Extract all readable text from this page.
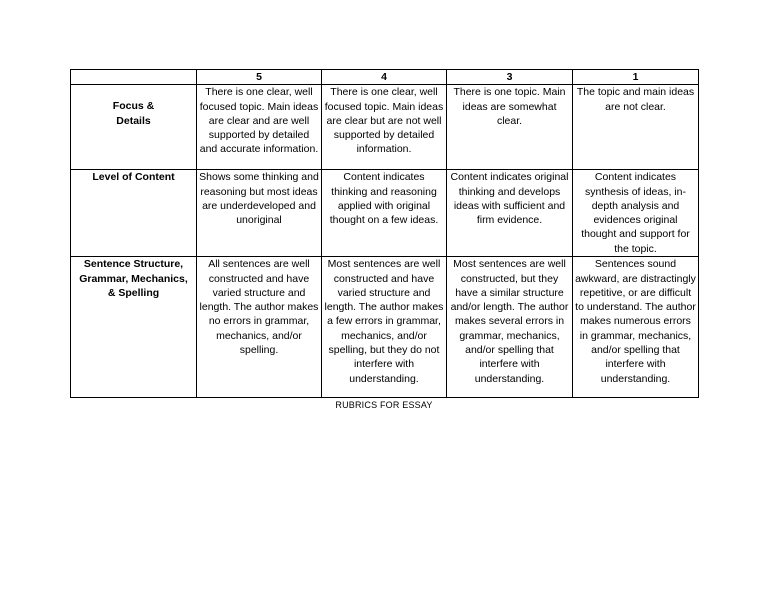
	5	4	3	1

Focus &
Details	There is one clear, well focused topic. Main ideas are clear and are well supported by detailed and accurate information.	There is one clear, well focused topic. Main ideas are clear but are not well supported by detailed information.	There is one topic. Main ideas are somewhat clear.	The topic and main ideas are not clear.

Level of Content	Shows some thinking and reasoning but most ideas are underdeveloped and unoriginal	Content indicates thinking and reasoning applied with original thought on a few ideas.	Content indicates original thinking and develops ideas with sufficient and firm evidence.	Content indicates synthesis of ideas, in-depth analysis and evidences original thought and support for the topic.

Sentence Structure,
Grammar, Mechanics,
& Spelling	All sentences are well constructed and have varied structure and length. The author makes no errors in grammar, mechanics, and/or spelling.	Most sentences are well constructed and have varied structure and length. The author makes a few errors in grammar, mechanics, and/or spelling, but they do not interfere with understanding.	Most sentences are well constructed, but they have a similar structure and/or length. The author makes several errors in grammar, mechanics, and/or spelling that interfere with understanding.	Sentences sound awkward, are distractingly repetitive, or are difficult to understand. The author makes numerous errors in grammar, mechanics, and/or spelling that interfere with understanding.
RUBRICS FOR ESSAY
